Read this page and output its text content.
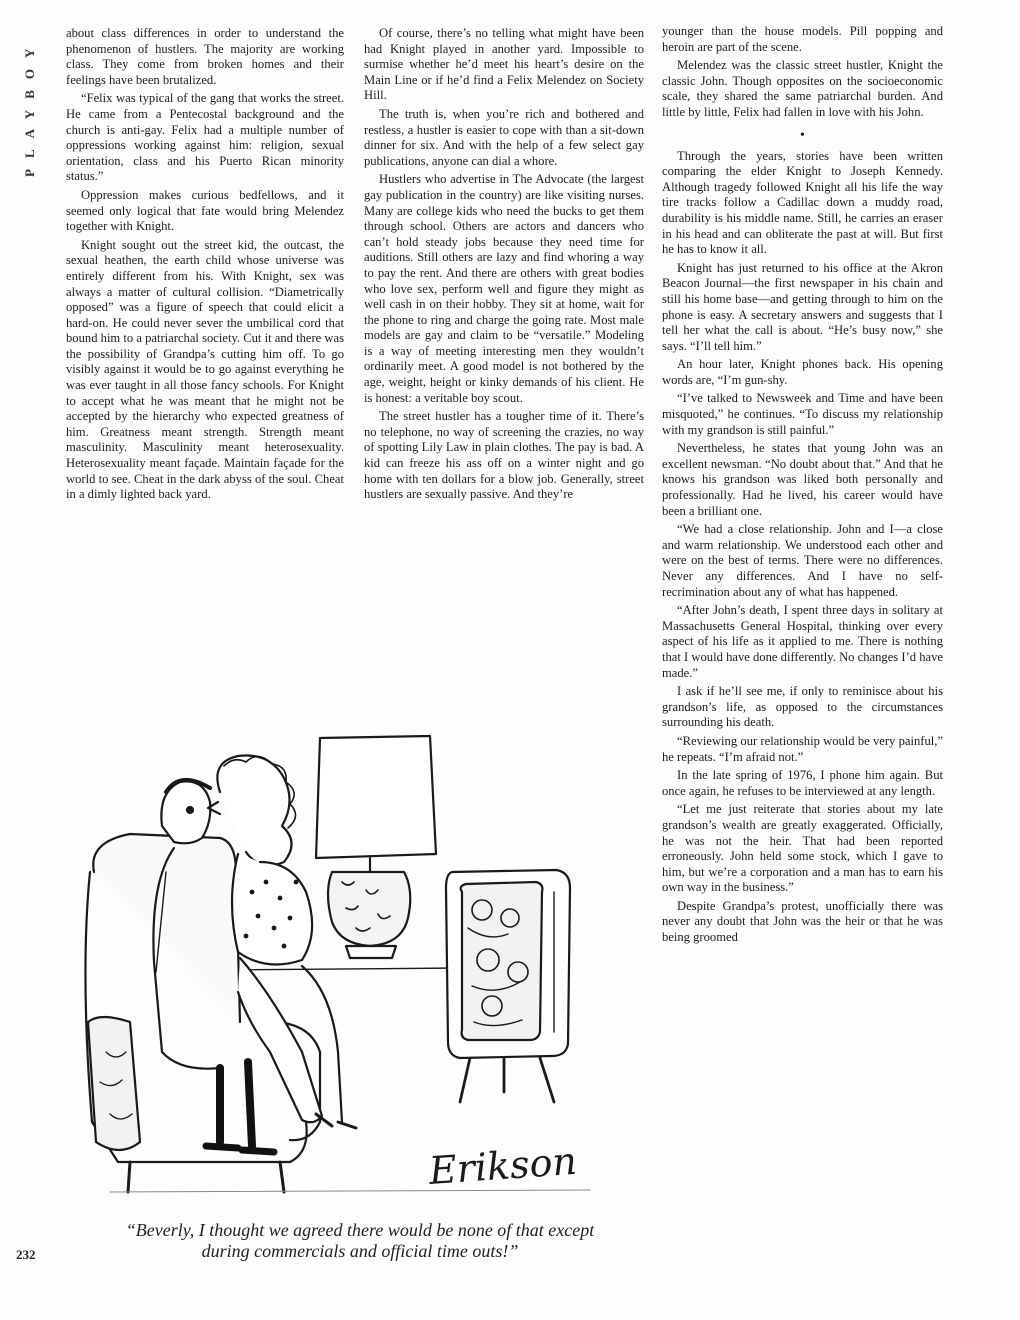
PLAYBOY

about class differences in order to understand the phenomenon of hustlers. The majority are working class. They come from broken homes and their feelings have been brutalized.

“Felix was typical of the gang that works the street. He came from a Pentecostal background and the church is anti-gay. Felix had a multiple number of oppressions working against him: religion, sexual orientation, class and his Puerto Rican minority status.”

Oppression makes curious bedfellows, and it seemed only logical that fate would bring Melendez together with Knight.

Knight sought out the street kid, the outcast, the sexual heathen, the earth child whose universe was entirely different from his. With Knight, sex was always a matter of cultural collision. “Diametrically opposed” was a figure of speech that could elicit a hard-on. He could never sever the umbilical cord that bound him to a patriarchal society. Cut it and there was the possibility of Grandpa’s cutting him off. To go visibly against it would be to go against everything he was ever taught in all those fancy schools. For Knight to accept what he was meant that he might not be accepted by the hierarchy who expected greatness of him. Greatness meant strength. Strength meant masculinity. Masculinity meant heterosexuality. Heterosexuality meant façade. Maintain façade for the world to see. Cheat in the dark abyss of the soul. Cheat in a dimly lighted back yard.

Of course, there’s no telling what might have been had Knight played in another yard. Impossible to surmise whether he’d meet his heart’s desire on the Main Line or if he’d find a Felix Melendez on Society Hill.

The truth is, when you’re rich and bothered and restless, a hustler is easier to cope with than a sit-down dinner for six. And with the help of a few select gay publications, anyone can dial a whore.

Hustlers who advertise in The Advocate (the largest gay publication in the country) are like visiting nurses. Many are college kids who need the bucks to get them through school. Others are actors and dancers who can’t hold steady jobs because they need time for auditions. Still others are lazy and find whoring a way to pay the rent. And there are others with great bodies who love sex, perform well and figure they might as well cash in on their hobby. They sit at home, wait for the phone to ring and charge the going rate. Most male models are gay and claim to be “versatile.” Modeling is a way of meeting interesting men they wouldn’t ordinarily meet. A good model is not bothered by the age, weight, height or kinky demands of his client. He is honest: a veritable boy scout.

The street hustler has a tougher time of it. There’s no telephone, no way of screening the crazies, no way of spotting Lily Law in plain clothes. The pay is bad. A kid can freeze his ass off on a winter night and go home with ten dollars for a blow job. Generally, street hustlers are sexually passive. And they’re

younger than the house models. Pill popping and heroin are part of the scene.

Melendez was the classic street hustler, Knight the classic John. Though opposites on the socioeconomic scale, they shared the same patriarchal burden. And little by little, Felix had fallen in love with his John.

•

Through the years, stories have been written comparing the elder Knight to Joseph Kennedy. Although tragedy followed Knight all his life the way tire tracks follow a Cadillac down a muddy road, durability is his middle name. Still, he carries an eraser in his head and can obliterate the past at will. But first he has to know it all.

Knight has just returned to his office at the Akron Beacon Journal—the first newspaper in his chain and still his home base—and getting through to him on the phone is easy. A secretary answers and suggests that I tell her what the call is about. “He’s busy now,” she says. “I’ll tell him.”

An hour later, Knight phones back. His opening words are, “I’m gun-shy.

“I’ve talked to Newsweek and Time and have been misquoted,” he continues. “To discuss my relationship with my grandson is still painful.”

Nevertheless, he states that young John was an excellent newsman. “No doubt about that.” And that he knows his grandson was liked both personally and professionally. Had he lived, his career would have been a brilliant one.

“We had a close relationship. John and I—a close and warm relationship. We understood each other and were on the best of terms. There were no differences. Never any differences. And I have no self-recrimination about any of what has happened.

“After John’s death, I spent three days in solitary at Massachusetts General Hospital, thinking over every aspect of his life as it applied to me. There is nothing that I would have done differently. No changes I’d have made.”

I ask if he’ll see me, if only to reminisce about his grandson’s life, as opposed to the circumstances surrounding his death.

“Reviewing our relationship would be very painful,” he repeats. “I’m afraid not.”

In the late spring of 1976, I phone him again. But once again, he refuses to be interviewed at any length.

“Let me just reiterate that stories about my late grandson’s wealth are greatly exaggerated. Officially, he was not the heir. That had been reported erroneously. John held some stock, which I gave to him, but we’re a corporation and a man has to earn his own way in the business.”

Despite Grandpa’s protest, unofficially there was never any doubt that John was the heir or that he was being groomed

Erikson
“Beverly, I thought we agreed there would be none of that except during commercials and official time outs!”
232
